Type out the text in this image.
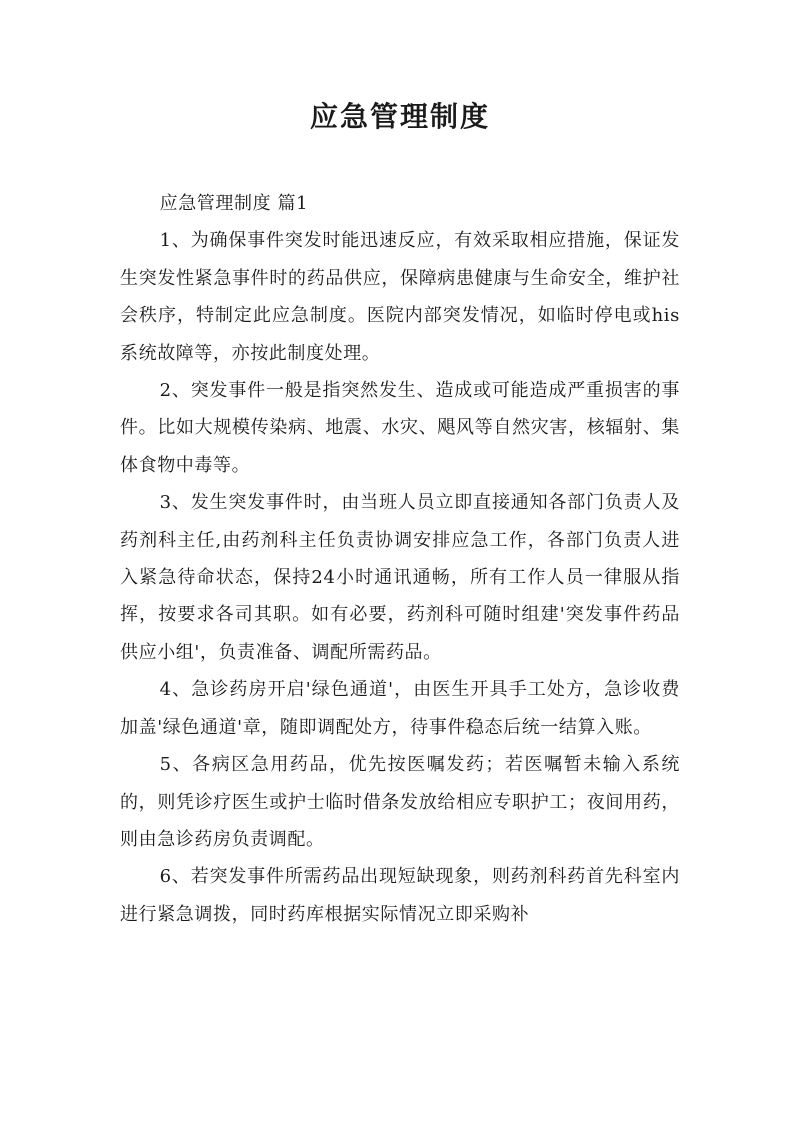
应急管理制度

应急管理制度 篇1

1、为确保事件突发时能迅速反应，有效采取相应措施，保证发生突发性紧急事件时的药品供应，保障病患健康与生命安全，维护社会秩序，特制定此应急制度。医院内部突发情况，如临时停电或his系统故障等，亦按此制度处理。

2、突发事件一般是指突然发生、造成或可能造成严重损害的事件。比如大规模传染病、地震、水灾、飓风等自然灾害，核辐射、集体食物中毒等。

3、发生突发事件时，由当班人员立即直接通知各部门负责人及药剂科主任,由药剂科主任负责协调安排应急工作，各部门负责人进入紧急待命状态，保持24小时通讯通畅，所有工作人员一律服从指挥，按要求各司其职。如有必要，药剂科可随时组建'突发事件药品供应小组'，负责准备、调配所需药品。

4、急诊药房开启'绿色通道'，由医生开具手工处方，急诊收费加盖'绿色通道'章，随即调配处方，待事件稳态后统一结算入账。

5、各病区急用药品，优先按医嘱发药；若医嘱暂未输入系统的，则凭诊疗医生或护士临时借条发放给相应专职护工；夜间用药，则由急诊药房负责调配。

6、若突发事件所需药品出现短缺现象，则药剂科药首先科室内进行紧急调拨，同时药库根据实际情况立即采购补
